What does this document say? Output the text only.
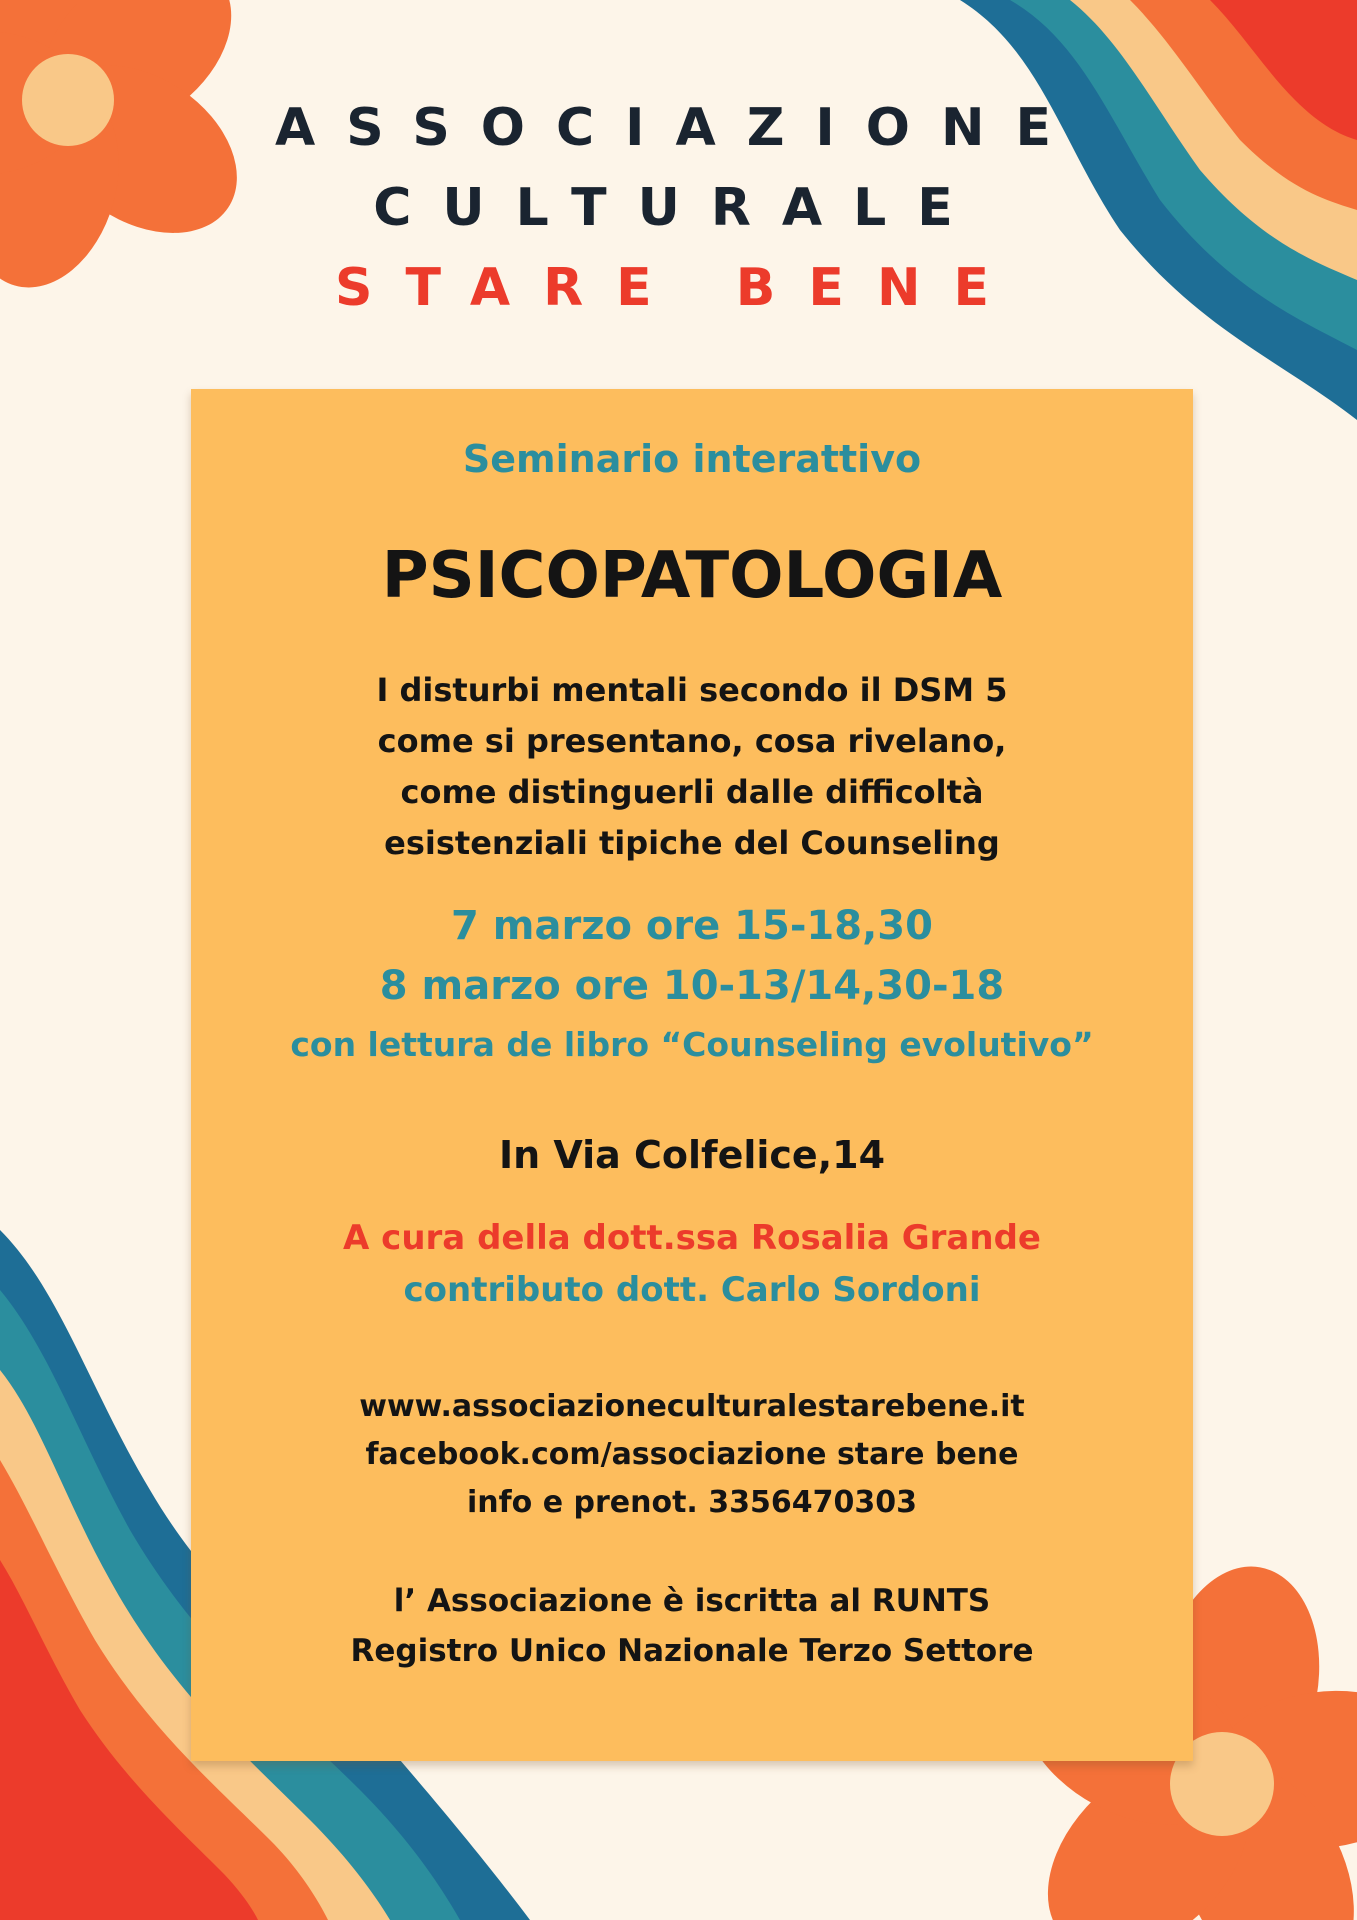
ASSOCIAZIONE
CULTURALE
STARE BENE
Seminario interattivo
PSICOPATOLOGIA
I disturbi mentali secondo il DSM 5
come si presentano, cosa rivelano,
come distinguerli dalle difficoltà
esistenziali tipiche del Counseling
7 marzo ore 15-18,30
8 marzo ore 10-13/14,30-18
con lettura de libro “Counseling evolutivo”
In Via Colfelice,14
A cura della dott.ssa Rosalia Grande
contributo dott. Carlo Sordoni
www.associazioneculturalestarebene.it
facebook.com/associazione stare bene
info e prenot. 3356470303
l’ Associazione è iscritta al RUNTS
Registro Unico Nazionale Terzo Settore
